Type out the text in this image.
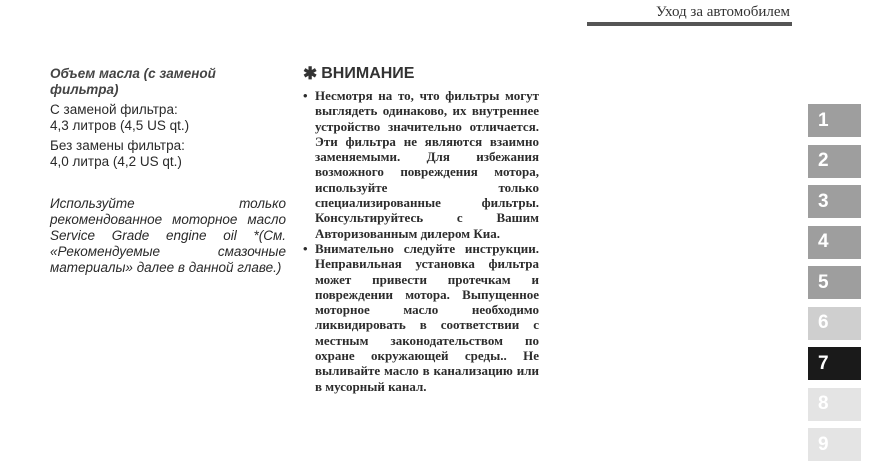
Уход за автомобилем

Объем масла (с заменой фильтра)

С заменой фильтра:

4,3 литров (4,5 US qt.)

Без замены фильтра:

4,0 литра (4,2 US qt.)

Используйте только рекомендованное моторное масло Service Grade engine oil *(См. «Рекомендуемые смазочные материалы» далее в данной главе.)

✱ ВНИМАНИЕ
• Несмотря на то, что фильтры могут выглядеть одинаково, их внутреннее устройство значительно отличается. Эти фильтра не являются взаимно заменяемыми. Для избежания возможного повреждения мотора, используйте только специализированные фильтры. Консультируйтесь с Вашим Авторизованным дилером Киа.
• Внимательно следуйте инструкции. Неправильная установка фильтра может привести протечкам и повреждении мотора. Выпущенное моторное масло необходимо ликвидировать в соответствии с местным законодательством по охране окружающей среды.. Не выливайте масло в канализацию или в мусорный канал.
1
2
3
4
5
6
7
8
9
